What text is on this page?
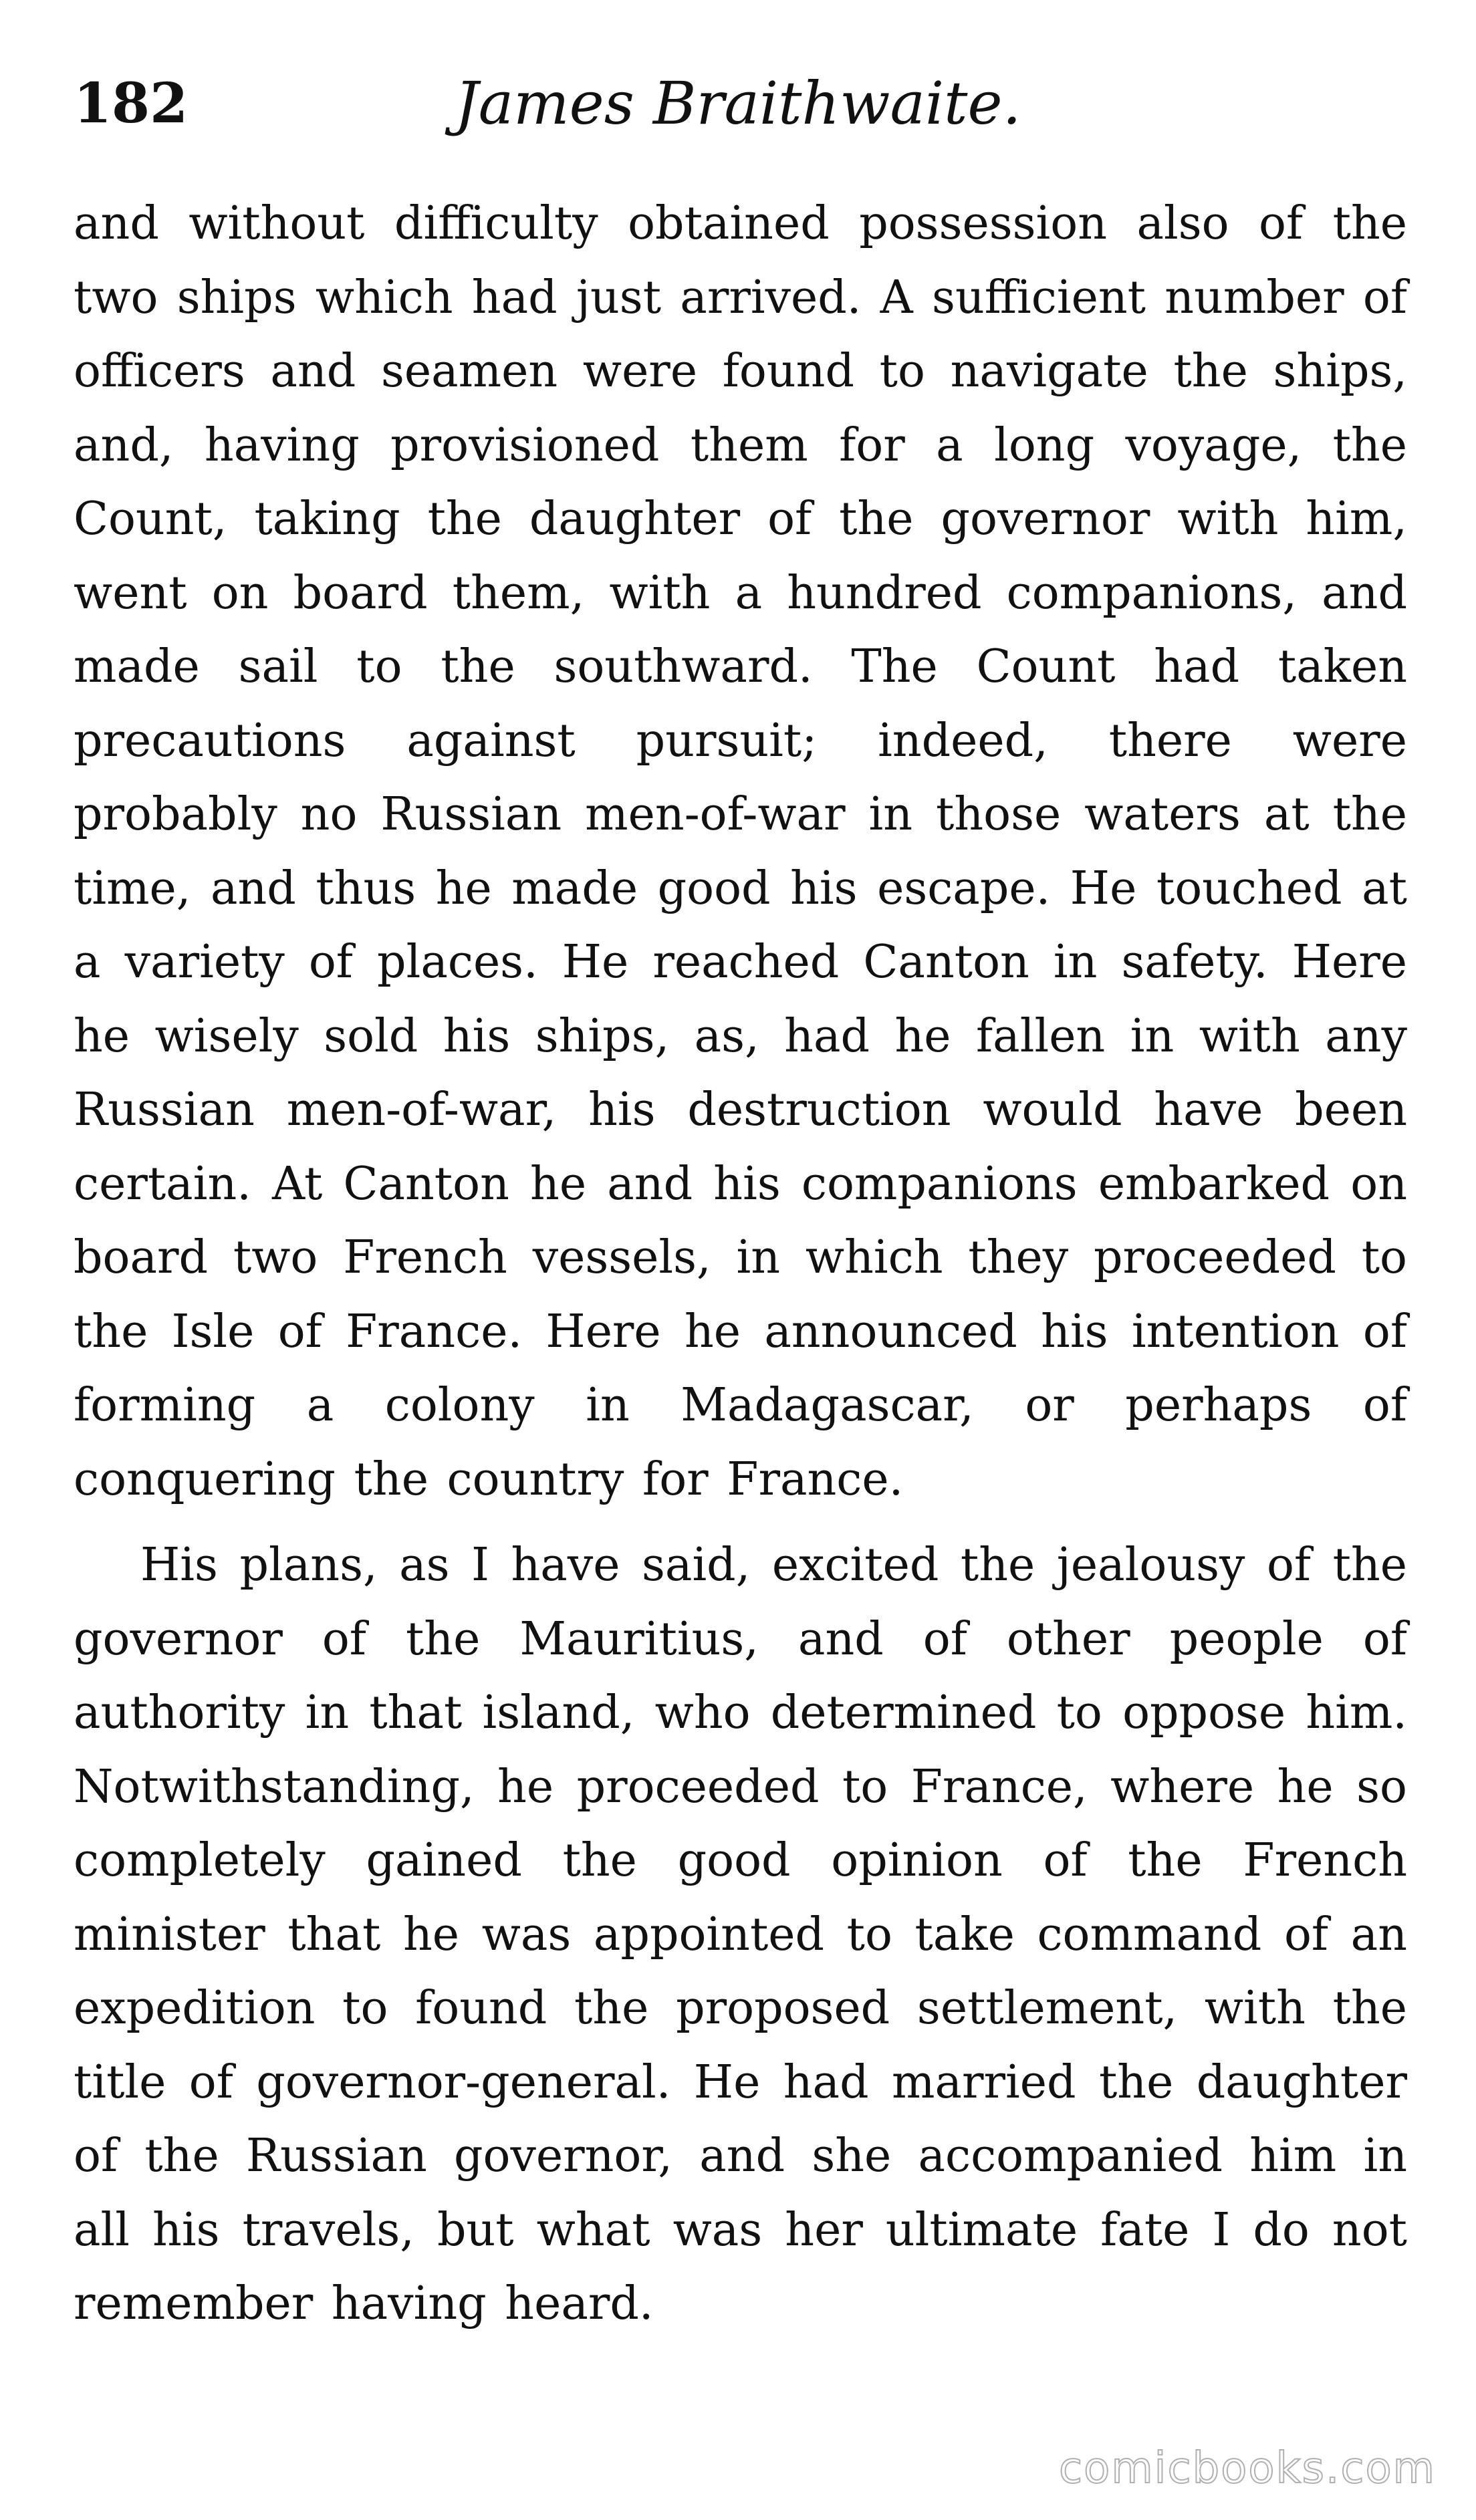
182	James Braithwaite.

and without difficulty obtained possession also of the two ships which had just arrived. A sufficient number of officers and seamen were found to navigate the ships, and, having provisioned them for a long voyage, the Count, taking the daughter of the governor with him, went on board them, with a hundred companions, and made sail to the southward. The Count had taken precautions against pursuit; indeed, there were probably no Russian men-of-war in those waters at the time, and thus he made good his escape. He touched at a variety of places. He reached Canton in safety. Here he wisely sold his ships, as, had he fallen in with any Russian men-of-war, his destruction would have been certain. At Canton he and his companions embarked on board two French vessels, in which they proceeded to the Isle of France. Here he announced his intention of forming a colony in Madagascar, or perhaps of conquering the country for France.

His plans, as I have said, excited the jealousy of the governor of the Mauritius, and of other people of authority in that island, who determined to oppose him. Notwithstanding, he proceeded to France, where he so completely gained the good opinion of the French minister that he was appointed to take command of an expedition to found the proposed settlement, with the title of governor-general. He had married the daughter of the Russian governor, and she accompanied him in all his travels, but what was her ultimate fate I do not remember having heard.

comicbooks.com
